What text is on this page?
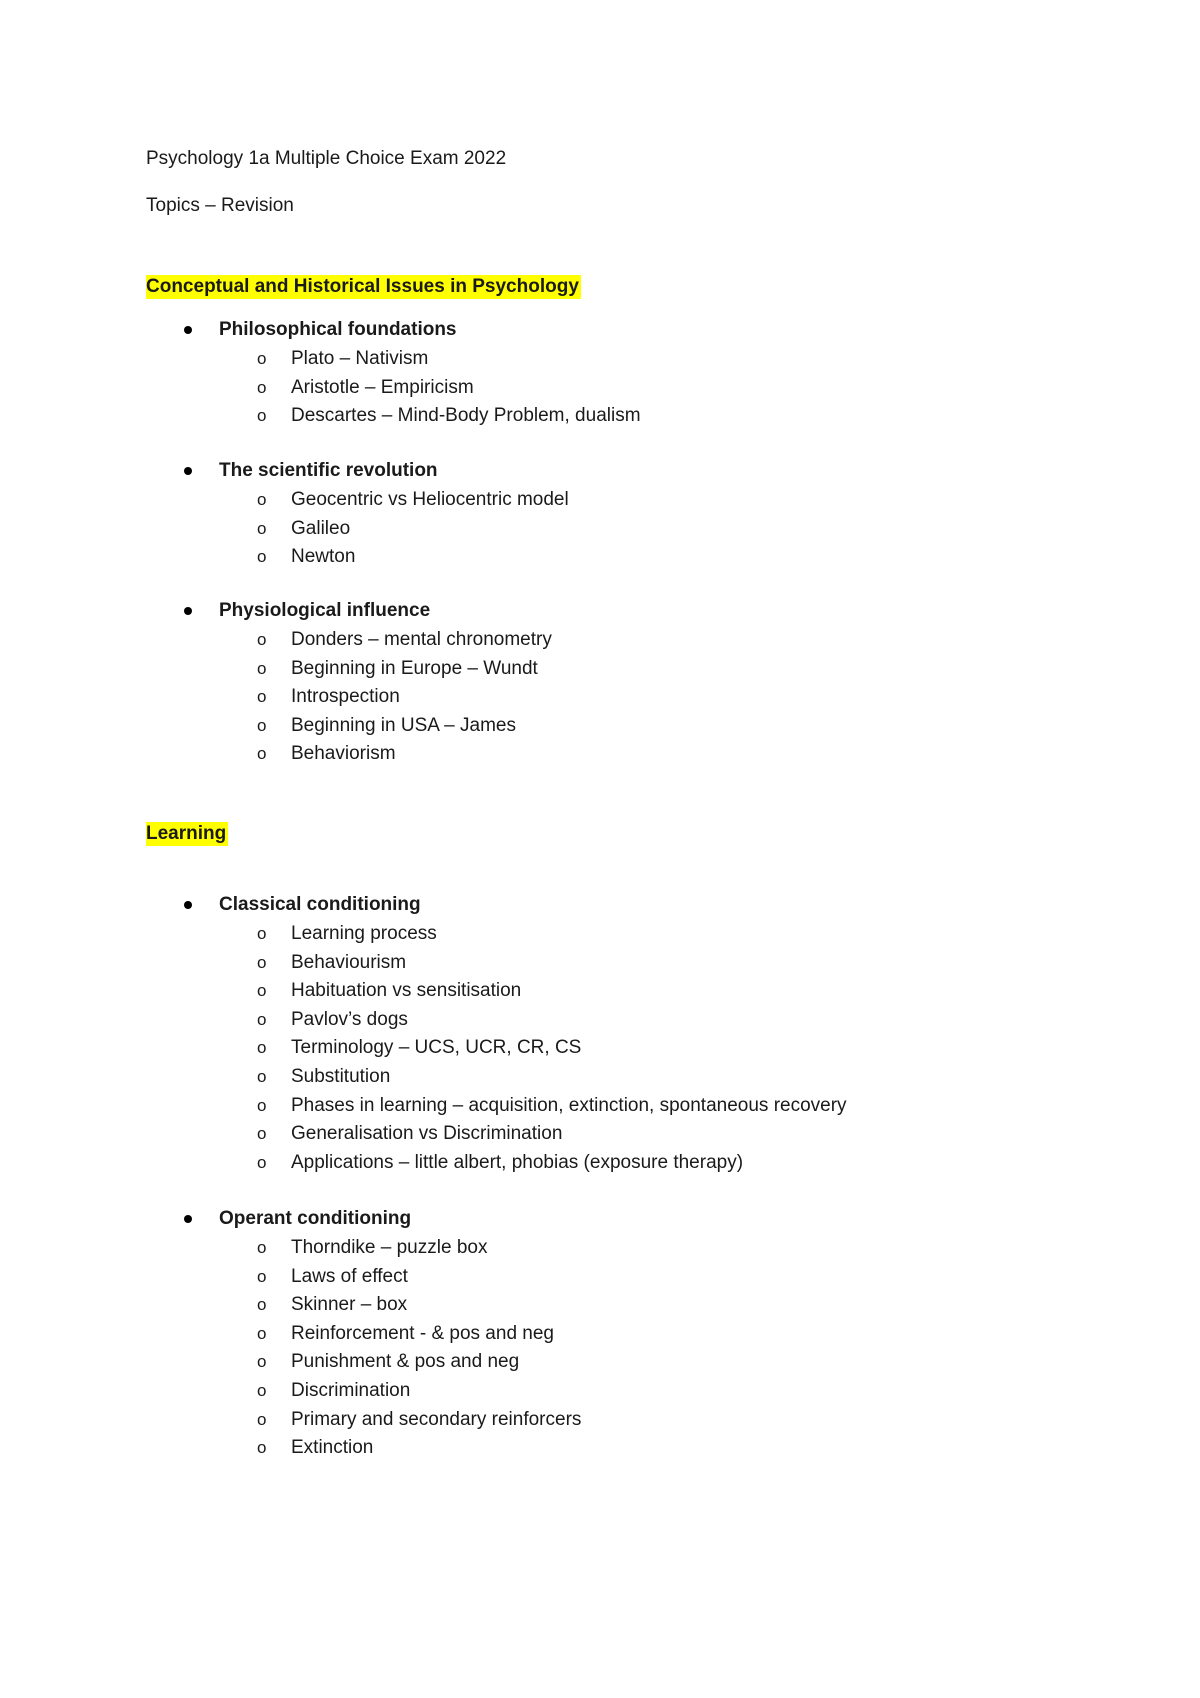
Psychology 1a Multiple Choice Exam 2022
Topics – Revision
Conceptual and Historical Issues in Psychology
Philosophical foundations
o Plato – Nativism
o Aristotle – Empiricism
o Descartes – Mind-Body Problem, dualism
The scientific revolution
o Geocentric vs Heliocentric model
o Galileo
o Newton
Physiological influence
o Donders – mental chronometry
o Beginning in Europe – Wundt
o Introspection
o Beginning in USA – James
o Behaviorism
Learning
Classical conditioning
o Learning process
o Behaviourism
o Habituation vs sensitisation
o Pavlov’s dogs
o Terminology – UCS, UCR, CR, CS
o Substitution
o Phases in learning – acquisition, extinction, spontaneous recovery
o Generalisation vs Discrimination
o Applications – little albert, phobias (exposure therapy)
Operant conditioning
o Thorndike – puzzle box
o Laws of effect
o Skinner – box
o Reinforcement - & pos and neg
o Punishment & pos and neg
o Discrimination
o Primary and secondary reinforcers
o Extinction
